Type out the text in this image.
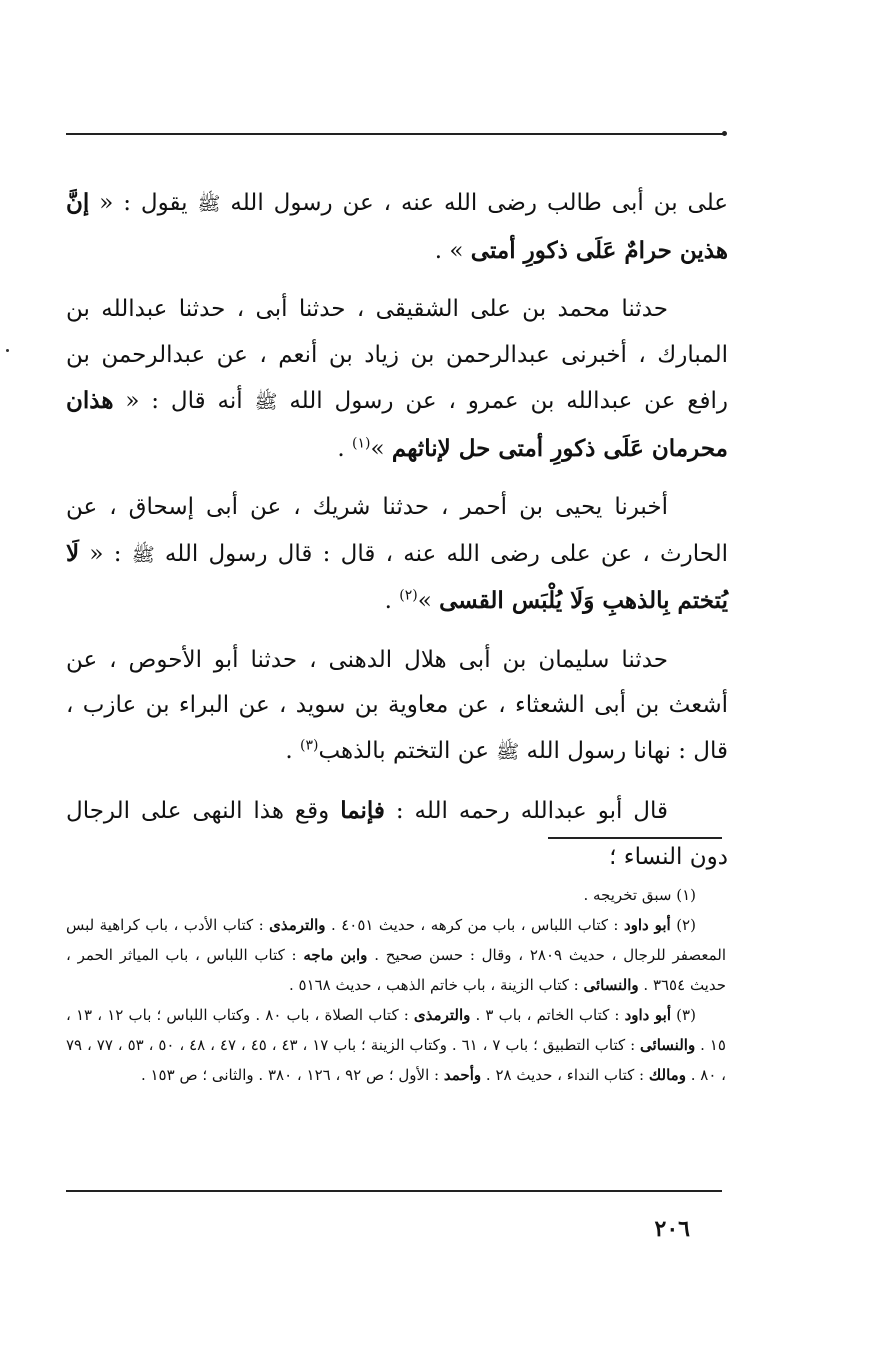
على بن أبى طالب رضى الله عنه ، عن رسول الله ﷺ يقول : « إنَّ هذين حرامٌ عَلَى ذكورِ أمتى » .

حدثنا محمد بن على الشقيقى ، حدثنا أبى ، حدثنا عبدالله بن المبارك ، أخبرنى عبدالرحمن بن زياد بن أنعم ، عن عبدالرحمن بن رافع عن عبدالله بن عمرو ، عن رسول الله ﷺ أنه قال : « هذان محرمان عَلَى ذكورِ أمتى حل لإناثهم »$^{(١)}$ .

أخبرنا يحيى بن أحمر ، حدثنا شريك ، عن أبى إسحاق ، عن الحارث ، عن على رضى الله عنه ، قال : قال رسول الله ﷺ : « لَا يُتختم بِالذهبِ وَلَا يُلْبَس القسى »$^{(٢)}$ .

حدثنا سليمان بن أبى هلال الدهنى ، حدثنا أبو الأحوص ، عن أشعث بن أبى الشعثاء ، عن معاوية بن سويد ، عن البراء بن عازب ، قال : نهانا رسول الله ﷺ عن التختم بالذهب$^{(٣)}$ .

قال أبو عبدالله رحمه الله : فإنما وقع هذا النهى على الرجال دون النساء ؛

(١) سبق تخريجه .

(٢) أبو داود : كتاب اللباس ، باب من كرهه ، حديث ٤٠٥١ . والترمذى : كتاب الأدب ، باب كراهية لبس المعصفر للرجال ، حديث ٢٨٠٩ ، وقال : حسن صحيح . وابن ماجه : كتاب اللباس ، باب المياثر الحمر ، حديث ٣٦٥٤ . والنسائى : كتاب الزينة ، باب خاتم الذهب ، حديث ٥١٦٨ .

(٣) أبو داود : كتاب الخاتم ، باب ٣ . والترمذى : كتاب الصلاة ، باب ٨٠ . وكتاب اللباس ؛ باب ١٢ ، ١٣ ، ١٥ . والنسائى : كتاب التطبيق ؛ باب ٧ ، ٦١ . وكتاب الزينة ؛ باب ١٧ ، ٤٣ ، ٤٥ ، ٤٧ ، ٤٨ ، ٥٠ ، ٥٣ ، ٧٧ ، ٧٩ ، ٨٠ . ومالك : كتاب النداء ، حديث ٢٨ . وأحمد : الأول ؛ ص ٩٢ ، ١٢٦ ، ٣٨٠ . والثانى ؛ ص ١٥٣ .

٢٠٦
